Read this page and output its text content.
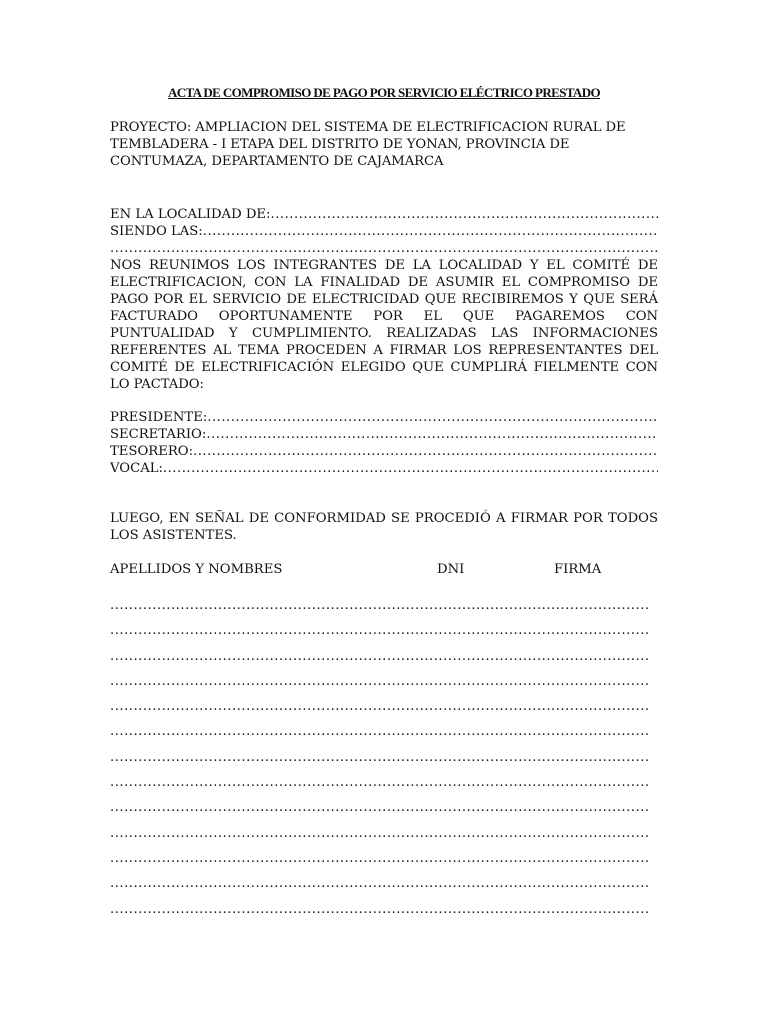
ACTA DE COMPROMISO DE PAGO POR SERVICIO ELÉCTRICO PRESTADO
PROYECTO: AMPLIACION DEL SISTEMA DE ELECTRIFICACION RURAL DE TEMBLADERA - I ETAPA DEL DISTRITO DE YONAN, PROVINCIA DE CONTUMAZA, DEPARTAMENTO DE CAJAMARCA
EN LA LOCALIDAD DE:
.....
SIENDO LAS:
.....
.....
NOS REUNIMOS LOS INTEGRANTES DE LA LOCALIDAD Y EL COMITÉ DE ELECTRIFICACION, CON LA FINALIDAD DE ASUMIR EL COMPROMISO DE PAGO POR EL SERVICIO DE ELECTRICIDAD QUE RECIBIREMOS Y QUE SERÁ FACTURADO OPORTUNAMENTE POR EL QUE PAGAREMOS CON PUNTUALIDAD Y CUMPLIMIENTO. REALIZADAS LAS INFORMACIONES REFERENTES AL TEMA PROCEDEN A FIRMAR LOS REPRESENTANTES DEL COMITÉ DE ELECTRIFICACIÓN ELEGIDO QUE CUMPLIRÁ FIELMENTE CON LO PACTADO:
PRESIDENTE:
.....
SECRETARIO:
.....
TESORERO:
.....
VOCAL:
.....
LUEGO, EN SEÑAL DE CONFORMIDAD SE PROCEDIÓ A FIRMAR POR TODOS LOS ASISTENTES.
APELLIDOS Y NOMBRES	DNI	FIRMA
.....
.....
.....
.....
.....
.....
.....
.....
.....
.....
.....
.....
.....
